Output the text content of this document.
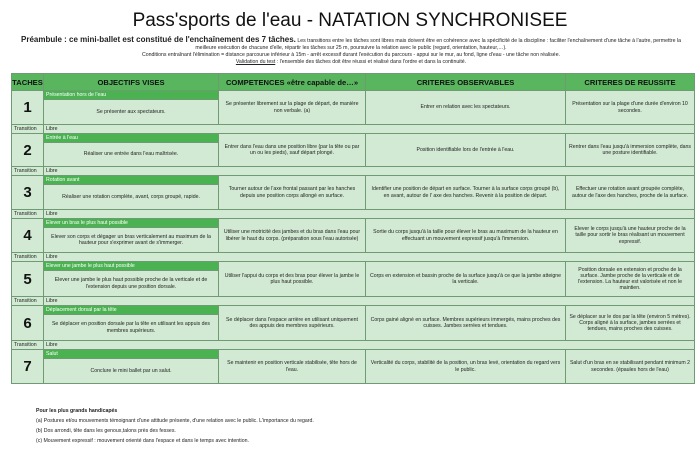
Pass'sports de l'eau - NATATION SYNCHRONISEE
Préambule : ce mini-ballet est constitué de l'enchaînement des 7 tâches. Les transitions entre les tâches sont libres mais doivent être en cohérence avec la spécificité de la discipline : faciliter l'enchaînement d'une tâche à l'autre, permettre la meilleure exécution de chacune d'elle, répartir les tâches sur 25 m, poursuivre la relation avec le public (regard, orientation, hauteur,…).
Conditions entraînant l'élimination = distance parcourue inférieur à 15m - arrêt excessif durant l'exécution du parcours - appui sur le mur, au fond, ligne d'eau - une tâche non réalisée.
Validation du test : l'ensemble des tâches doit être réussi et réalisé dans l'ordre et dans la continuité.
TACHES	OBJECTIFS VISES	COMPETENCES «être capable de…»	CRITERES OBSERVABLES	CRITERES DE REUSSITE
1	Présentation hors de l'eau	Se présenter librement sur la plage de départ, de manière non verbale. (a)	Entrer en relation avec les spectateurs.	Présentation sur la plage d'une durée d'environ 10 secondes.
	Se présenter aux spectateurs.			
Transition	Libre			
2	Entrée à l'eau	Entrer dans l'eau dans une position libre (par la tête ou par un ou les pieds), sauf départ plongé.	Position identifiable lors de l'entrée à l'eau.	Rentrer dans l'eau jusqu'à immersion complète, dans une posture identifiable.
	Réaliser une entrée dans l'eau maîtrisée.			
Transition	Libre			
3	Rotation avant	Tourner autour de l'axe frontal passant par les hanches depuis une position corps allongé en surface.	Identifier une position de départ en surface. Tourner à la surface corps groupé (b), en avant, autour de l' axe des hanches. Revenir à la position de départ.	Effectuer une rotation avant groupée complète, autour de l'axe des hanches, proche de la surface.
	Réaliser une rotation complète, avant, corps groupé, rapide.			
Transition	Libre			
4	Elever un bras le plus haut possible	Utiliser une motricité des jambes et du bras dans l'eau pour libérer le haut du corps. (préparation sous l'eau autorisée)	Sortie du corps jusqu'à la taille pour élever le bras au maximum de la hauteur en effectuant un mouvement expressif jusqu'à l'immersion.	Elever le corps jusqu'à une hauteur proche de la taille pour sortir le bras réalisant un mouvement expressif.
	Elever son corps et dégager un bras verticalement au maximum de la hauteur pour s'exprimer avant de s'immerger.			
Transition	Libre			
5	Elever une jambe le plus haut possible	Utiliser l'appui du corps et des bras pour élever la jambe le plus haut possible.	Corps en extension et bassin proche de la surface jusqu'à ce que la jambe atteigne la verticale.	Position dorsale en extension et proche de la surface. Jambe proche de la verticale et de l'extension. La hauteur est valorisée et non le maintien.
	Elever une jambe le plus haut possible proche de la verticale et de l'extension depuis une position dorsale.			
Transition	Libre			
6	Déplacement dorsal par la tête	Se déplacer dans l'espace arrière en utilisant uniquement des appuis des membres supérieurs.	Corps gainé aligné en surface. Membres supérieurs immergés, mains proches des cuisses. Jambes serrées et tendues.	Se déplacer sur le dos par la tête (environ 5 mètres). Corps aligné à la surface, jambes serrées et tendues, mains proches des cuisses.
	Se déplacer en position dorsale par la tête en utilisant les appuis des membres supérieurs.			
Transition	Libre			
7	Salut	Se maintenir en position verticale stabilisée, tête hors de l'eau.	Verticalité du corps, stabilité de la position, un bras levé, orientation du regard vers le public.	Salut d'un bras en se stabilisant pendant minimum 2 secondes. (épaules hors de l'eau)
	Conclure le mini ballet par un salut.			
Pour les plus grands handicapés
(a) Postures et/ou mouvements témoignant d'une attitude présente, d'une relation avec le public. L'importance du regard.
(b) Dos arrondi, tête dans les genoux,talons près des fesses.
(c) Mouvement expressif : mouvement orienté dans l'espace et dans le temps avec intention.
